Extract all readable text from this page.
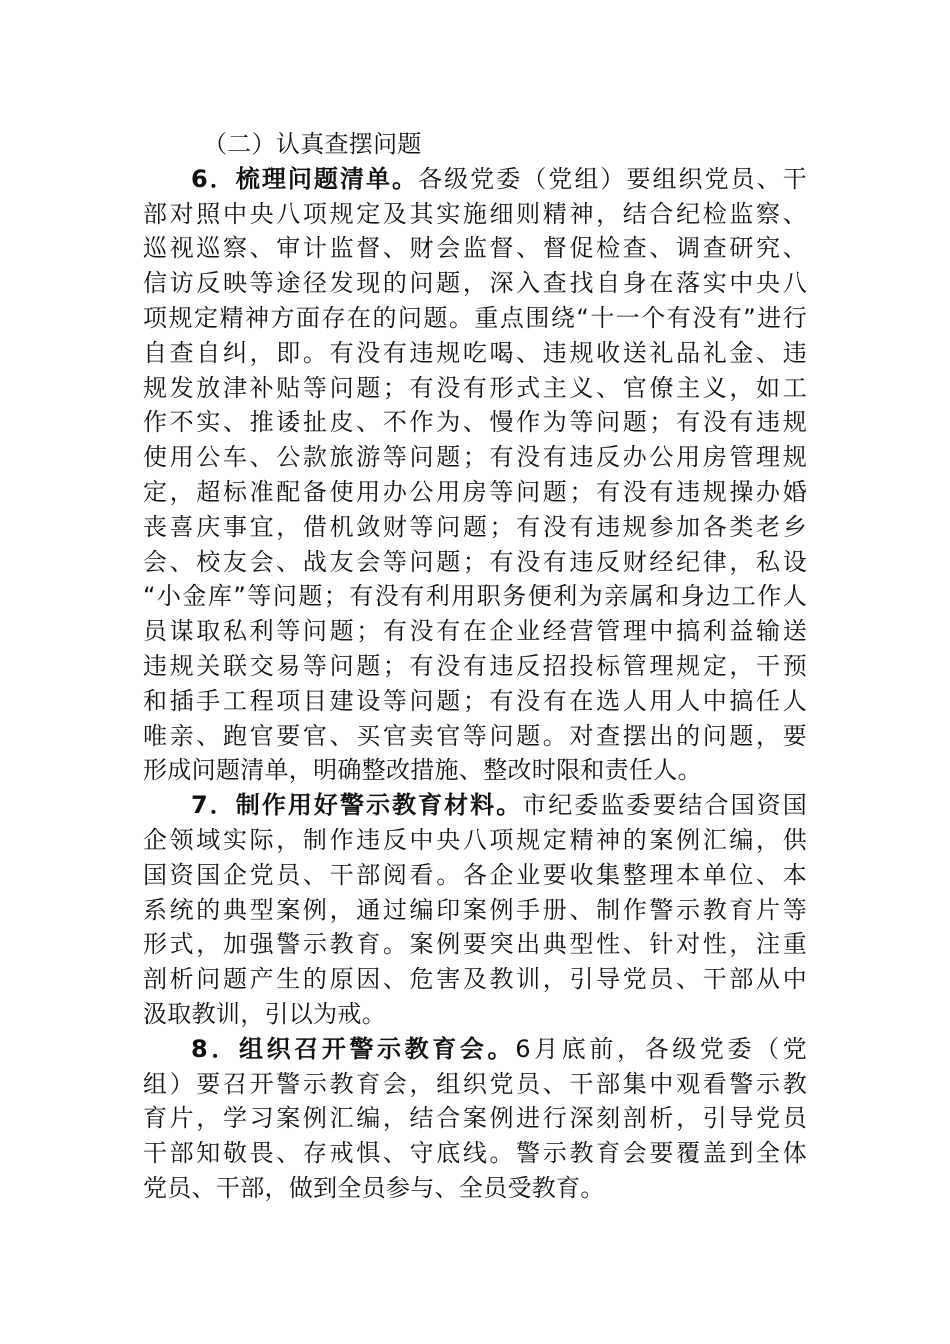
（二）认真查摆问题
6．梳理问题清单。各级党委（党组）要组织党员、干
部对照中央八项规定及其实施细则精神，结合纪检监察、
巡视巡察、审计监督、财会监督、督促检查、调查研究、
信访反映等途径发现的问题，深入查找自身在落实中央八
项规定精神方面存在的问题。重点围绕“十一个有没有”进行
自查自纠，即。有没有违规吃喝、违规收送礼品礼金、违
规发放津补贴等问题；有没有形式主义、官僚主义，如工
作不实、推诿扯皮、不作为、慢作为等问题；有没有违规
使用公车、公款旅游等问题；有没有违反办公用房管理规
定，超标准配备使用办公用房等问题；有没有违规操办婚
丧喜庆事宜，借机敛财等问题；有没有违规参加各类老乡
会、校友会、战友会等问题；有没有违反财经纪律，私设
“小金库”等问题；有没有利用职务便利为亲属和身边工作人
员谋取私利等问题；有没有在企业经营管理中搞利益输送
违规关联交易等问题；有没有违反招投标管理规定，干预
和插手工程项目建设等问题；有没有在选人用人中搞任人
唯亲、跑官要官、买官卖官等问题。对查摆出的问题，要
形成问题清单，明确整改措施、整改时限和责任人。
7．制作用好警示教育材料。市纪委监委要结合国资国
企领域实际，制作违反中央八项规定精神的案例汇编，供
国资国企党员、干部阅看。各企业要收集整理本单位、本
系统的典型案例，通过编印案例手册、制作警示教育片等
形式，加强警示教育。案例要突出典型性、针对性，注重
剖析问题产生的原因、危害及教训，引导党员、干部从中
汲取教训，引以为戒。
8．组织召开警示教育会。6月底前，各级党委（党
组）要召开警示教育会，组织党员、干部集中观看警示教
育片，学习案例汇编，结合案例进行深刻剖析，引导党员
干部知敬畏、存戒惧、守底线。警示教育会要覆盖到全体
党员、干部，做到全员参与、全员受教育。
